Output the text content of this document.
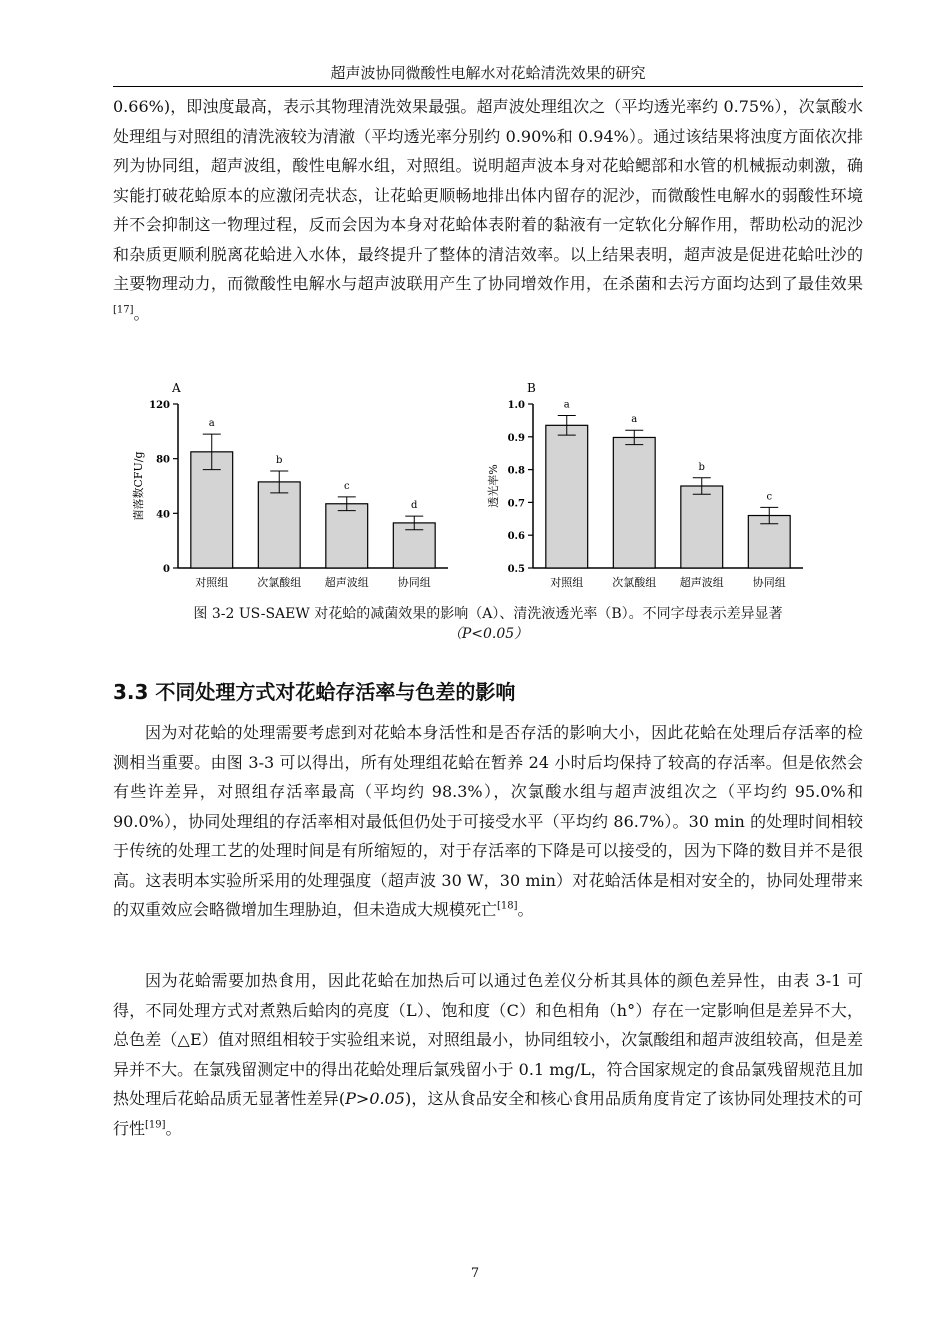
超声波协同微酸性电解水对花蛤清洗效果的研究

0.66%)，即浊度最高，表示其物理清洗效果最强。超声波处理组次之（平均透光率约 0.75%），次氯酸水处理组与对照组的清洗液较为清澈（平均透光率分别约 0.90%和 0.94%）。通过该结果将浊度方面依次排列为协同组，超声波组，酸性电解水组，对照组。说明超声波本身对花蛤鳃部和水管的机械振动刺激，确实能打破花蛤原本的应激闭壳状态，让花蛤更顺畅地排出体内留存的泥沙，而微酸性电解水的弱酸性环境并不会抑制这一物理过程，反而会因为本身对花蛤体表附着的黏液有一定软化分解作用，帮助松动的泥沙和杂质更顺利脱离花蛤进入水体，最终提升了整体的清洁效率。以上结果表明，超声波是促进花蛤吐沙的主要物理动力，而微酸性电解水与超声波联用产生了协同增效作用，在杀菌和去污方面均达到了最佳效果[17]。

A
0
40
80
120
菌落数CFU/g
a
对照组
b
次氯酸组
c
超声波组
d
协同组
B
0.5
0.6
0.7
0.8
0.9
1.0
透光率%
a
对照组
a
次氯酸组
b
超声波组
c
协同组
图 3-2 US-SAEW 对花蛤的减菌效果的影响（A）、清洗液透光率（B）。不同字母表示差异显著
（P<0.05）
3.3 不同处理方式对花蛤存活率与色差的影响

因为对花蛤的处理需要考虑到对花蛤本身活性和是否存活的影响大小，因此花蛤在处理后存活率的检测相当重要。由图 3-3 可以得出，所有处理组花蛤在暂养 24 小时后均保持了较高的存活率。但是依然会有些许差异，对照组存活率最高（平均约 98.3%），次氯酸水组与超声波组次之（平均约 95.0%和 90.0%），协同处理组的存活率相对最低但仍处于可接受水平（平均约 86.7%）。30 min 的处理时间相较于传统的处理工艺的处理时间是有所缩短的，对于存活率的下降是可以接受的，因为下降的数目并不是很高。这表明本实验所采用的处理强度（超声波 30 W，30 min）对花蛤活体是相对安全的，协同处理带来的双重效应会略微增加生理胁迫，但未造成大规模死亡[18]。

因为花蛤需要加热食用，因此花蛤在加热后可以通过色差仪分析其具体的颜色差异性，由表 3-1 可得，不同处理方式对煮熟后蛤肉的亮度（L）、饱和度（C）和色相角（h°）存在一定影响但是差异不大，总色差（△E）值对照组相较于实验组来说，对照组最小，协同组较小，次氯酸组和超声波组较高，但是差异并不大。在氯残留测定中的得出花蛤处理后氯残留小于 0.1 mg/L，符合国家规定的食品氯残留规范且加热处理后花蛤品质无显著性差异(P>0.05)，这从食品安全和核心食用品质角度肯定了该协同处理技术的可行性[19]。

7
